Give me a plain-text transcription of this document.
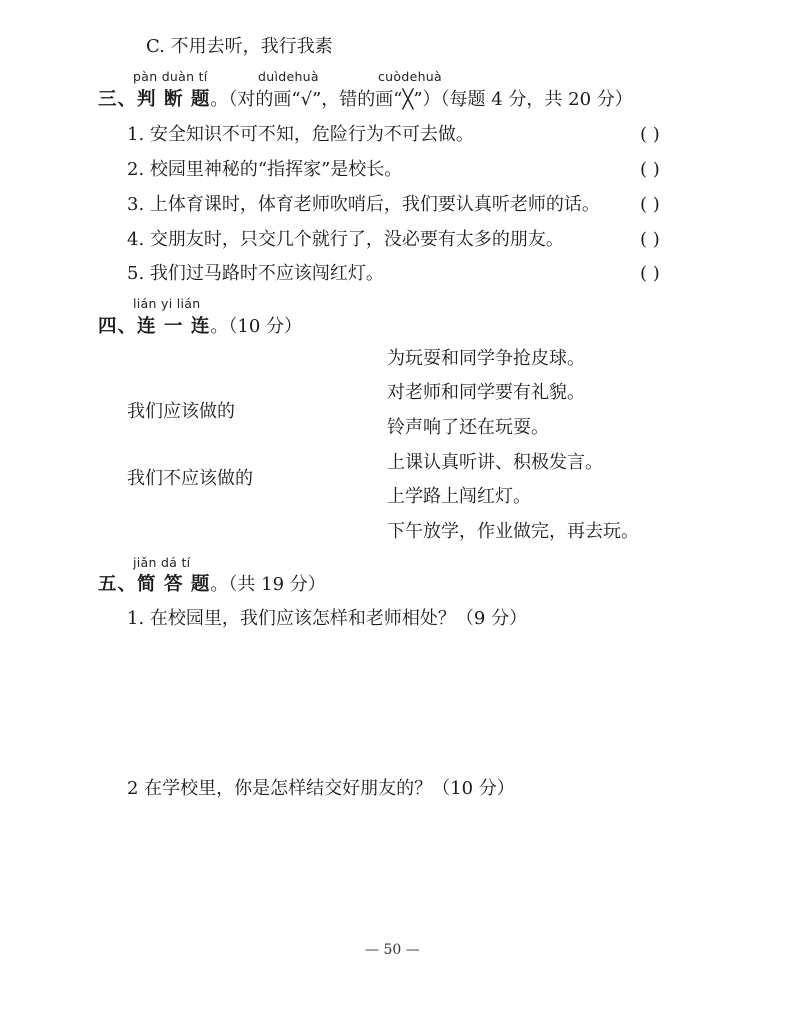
C. 不用去听，我行我素
pàn duàn tí	duìdehuà	cuòdehuà
三、判 断 题。（对的画“√”，错的画“╳”）（每题 4 分，共 20 分）
1. 安全知识不可不知，危险行为不可去做。	( )
2. 校园里神秘的“指挥家”是校长。	( )
3. 上体育课时，体育老师吹哨后，我们要认真听老师的话。 ( )
4. 交朋友时，只交几个就行了，没必要有太多的朋友。	( )
5. 我们过马路时不应该闯红灯。	( )
lián yi lián
四、连 一 连。（10 分）
我们应该做的
我们不应该做的
为玩耍和同学争抢皮球。
对老师和同学要有礼貌。
铃声响了还在玩耍。
上课认真听讲、积极发言。
上学路上闯红灯。
下午放学，作业做完，再去玩。
jiǎn dá tí
五、简 答 题。（共 19 分）
1. 在校园里，我们应该怎样和老师相处？（9 分）
2 在学校里，你是怎样结交好朋友的？（10 分）
— 50 —
